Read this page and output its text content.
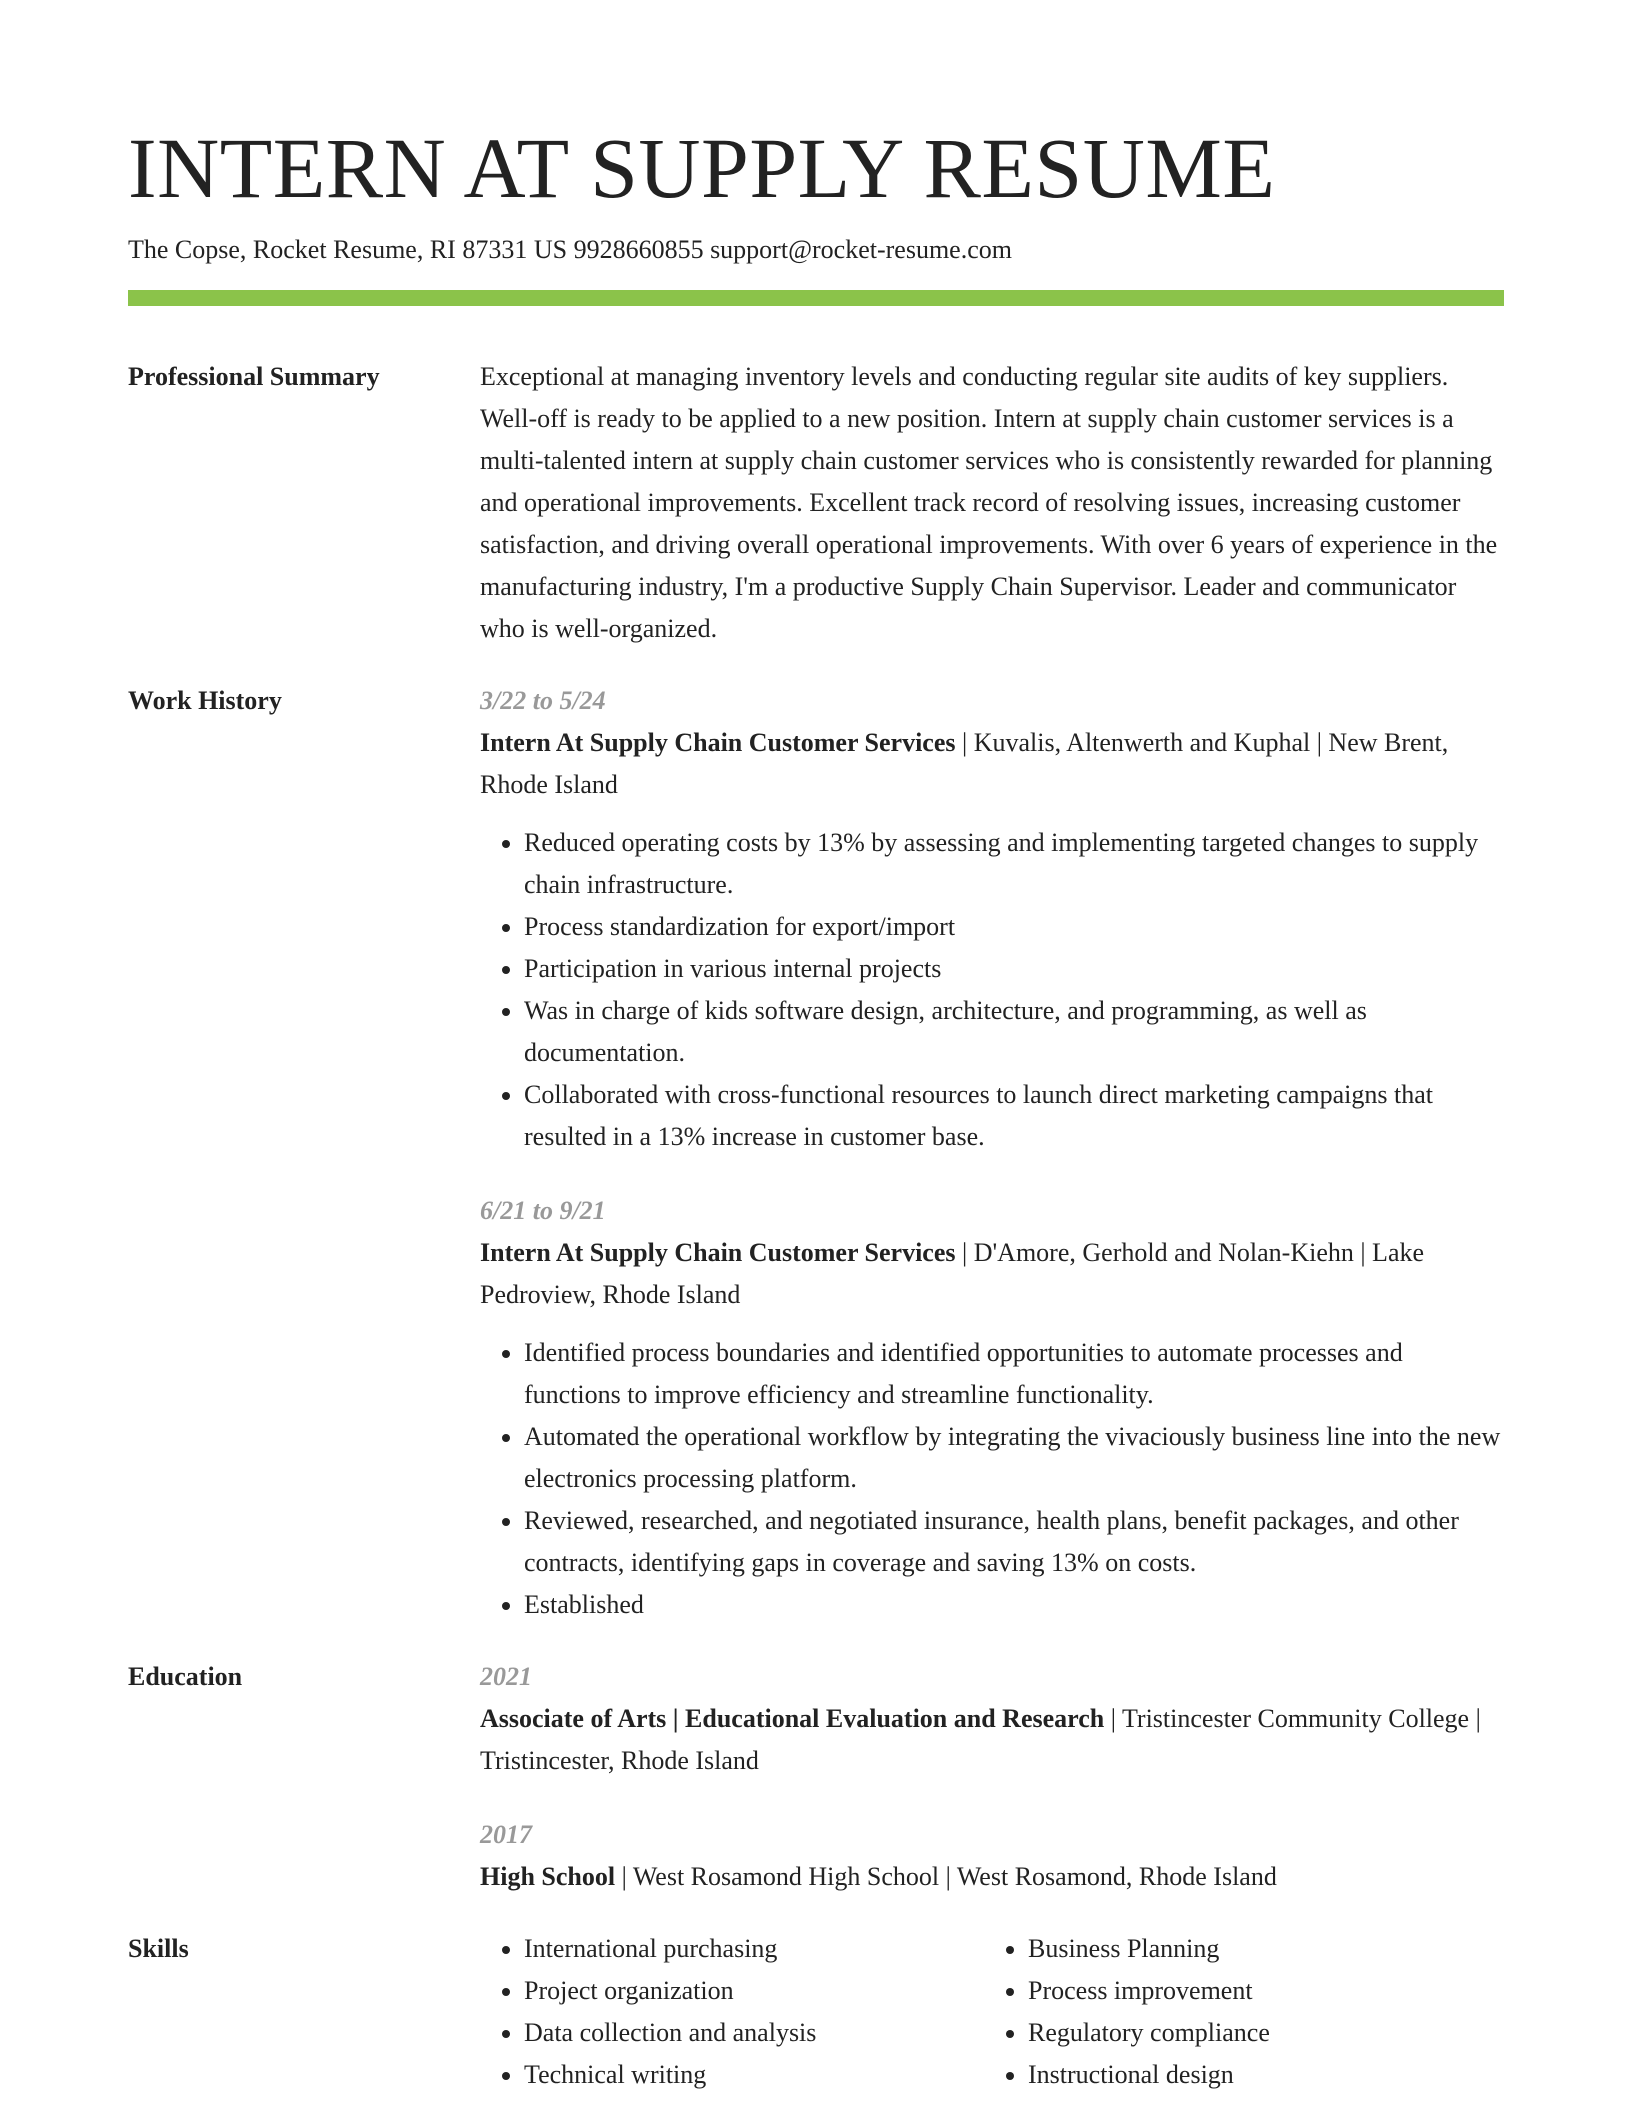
INTERN AT SUPPLY RESUME
The Copse, Rocket Resume, RI 87331 US 9928660855 support@rocket-resume.com
Professional Summary	Exceptional at managing inventory levels and conducting regular site audits of key suppliers. Well-off is ready to be applied to a new position. Intern at supply chain customer services is a multi-talented intern at supply chain customer services who is consistently rewarded for planning and operational improvements. Excellent track record of resolving issues, increasing customer satisfaction, and driving overall operational improvements. With over 6 years of experience in the manufacturing industry, I'm a productive Supply Chain Supervisor. Leader and communicator who is well-organized.

Work History	3/22 to 5/24
Intern At Supply Chain Customer Services | Kuvalis, Altenwerth and Kuphal | New Brent, Rhode Island
• Reduced operating costs by 13% by assessing and implementing targeted changes to supply chain infrastructure.
• Process standardization for export/import
• Participation in various internal projects
• Was in charge of kids software design, architecture, and programming, as well as documentation.
• Collaborated with cross-functional resources to launch direct marketing campaigns that resulted in a 13% increase in customer base.
6/21 to 9/21
Intern At Supply Chain Customer Services | D'Amore, Gerhold and Nolan-Kiehn | Lake Pedroview, Rhode Island
• Identified process boundaries and identified opportunities to automate processes and functions to improve efficiency and streamline functionality.
• Automated the operational workflow by integrating the vivaciously business line into the new electronics processing platform.
• Reviewed, researched, and negotiated insurance, health plans, benefit packages, and other contracts, identifying gaps in coverage and saving 13% on costs.
• Established
Education	2021
Associate of Arts | Educational Evaluation and Research | Tristincester Community College | Tristincester, Rhode Island
2017
High School | West Rosamond High School | West Rosamond, Rhode Island
Skills
•	International purchasing
• Project organization
• Data collection and analysis
• Technical writing
• Business Planning
• Process improvement
• Regulatory compliance
• Instructional design
